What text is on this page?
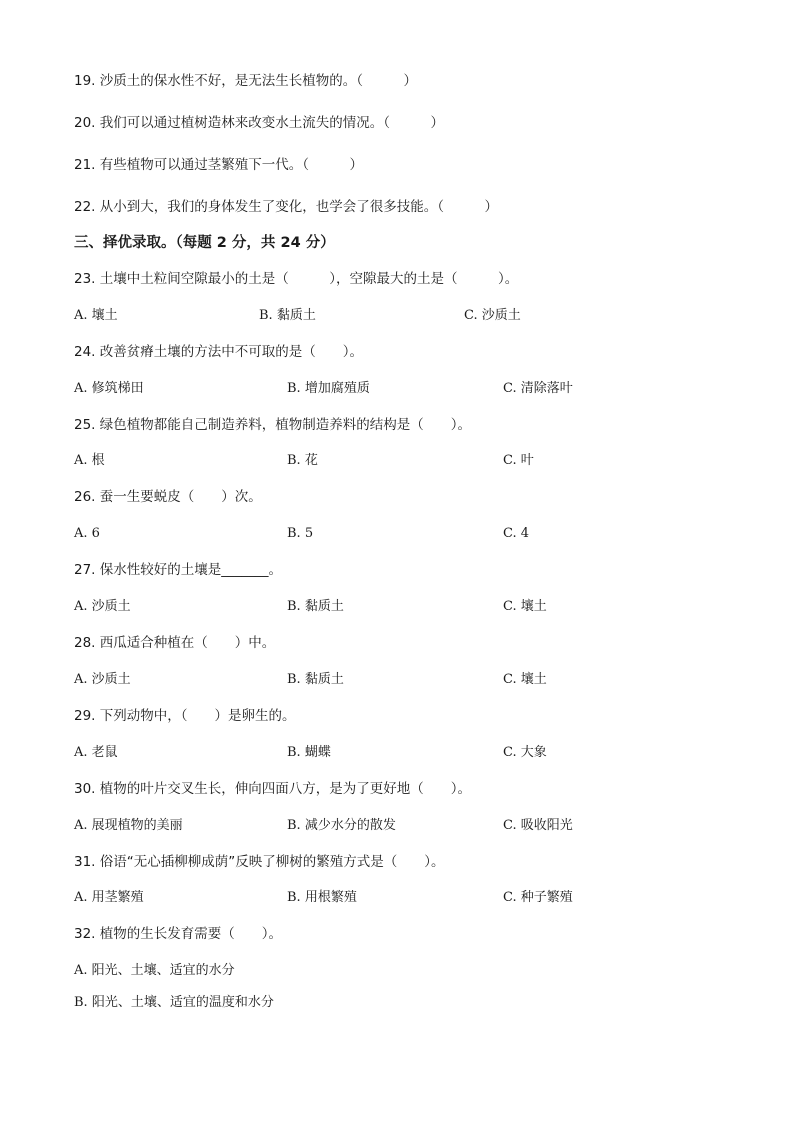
19. 沙质土的保水性不好，是无法生长植物的。（　　　）
20. 我们可以通过植树造林来改变水土流失的情况。（　　　）
21. 有些植物可以通过茎繁殖下一代。（　　　）
22. 从小到大，我们的身体发生了变化，也学会了很多技能。（　　　）
三、择优录取。（每题 2 分，共 24 分）
23. 土壤中土粒间空隙最小的土是（　　　），空隙最大的土是（　　　）。
A. 壤土	B. 黏质土	C. 沙质土
24. 改善贫瘠土壤的方法中不可取的是（　　）。
A. 修筑梯田	B. 增加腐殖质	C. 清除落叶
25. 绿色植物都能自己制造养料，植物制造养料的结构是（　　）。
A. 根	B. 花	C. 叶
26. 蚕一生要蜕皮（　　）次。
A. 6	B. 5	C. 4
27. 保水性较好的土壤是_______。
A. 沙质土	B. 黏质土	C. 壤土
28. 西瓜适合种植在（　　）中。
A. 沙质土	B. 黏质土	C. 壤土
29. 下列动物中，（　　）是卵生的。
A. 老鼠	B. 蝴蝶	C. 大象
30. 植物的叶片交叉生长，伸向四面八方，是为了更好地（　　）。
A. 展现植物的美丽	B. 减少水分的散发	C. 吸收阳光
31. 俗语“无心插柳柳成荫”反映了柳树的繁殖方式是（　　）。
A. 用茎繁殖	B. 用根繁殖	C. 种子繁殖
32. 植物的生长发育需要（　　）。
A. 阳光、土壤、适宜的水分
B. 阳光、土壤、适宜的温度和水分
